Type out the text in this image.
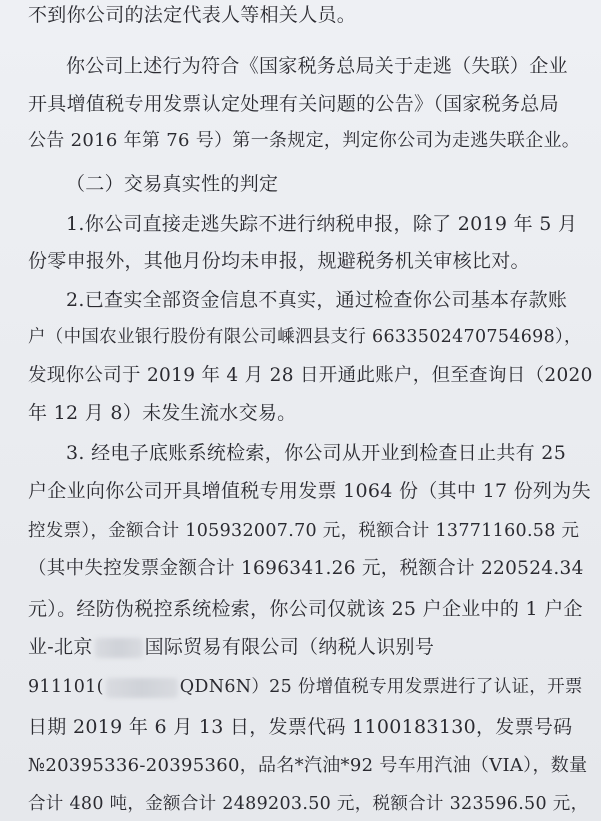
不到你公司的法定代表人等相关人员。
你公司上述行为符合《国家税务总局关于走逃（失联）企业
开具增值税专用发票认定处理有关问题的公告》（国家税务总局
公告 2016 年第 76 号）第一条规定，判定你公司为走逃失联企业。
（二）交易真实性的判定
1.你公司直接走逃失踪不进行纳税申报，除了 2019 年 5 月
份零申报外，其他月份均未申报，规避税务机关审核比对。
2.已查实全部资金信息不真实，通过检查你公司基本存款账
户（中国农业银行股份有限公司嵊泗县支行 6633502470754698），
发现你公司于 2019 年 4 月 28 日开通此账户，但至查询日（2020
年 12 月 8）未发生流水交易。
3. 经电子底账系统检索，你公司从开业到检查日止共有 25
户企业向你公司开具增值税专用发票 1064 份（其中 17 份列为失
控发票），金额合计 105932007.70 元，税额合计 13771160.58 元
（其中失控发票金额合计 1696341.26 元，税额合计 220524.34
元）。经防伪税控系统检索，你公司仅就该 25 户企业中的 1 户企
业-北京	国际贸易有限公司（纳税人识别号
911101(	QDN6N）25 份增值税专用发票进行了认证，开票
日期 2019 年 6 月 13 日，发票代码 1100183130，发票号码
№20395336-20395360，品名*汽油*92 号车用汽油（VIA），数量
合计 480 吨，金额合计 2489203.50 元，税额合计 323596.50 元，
